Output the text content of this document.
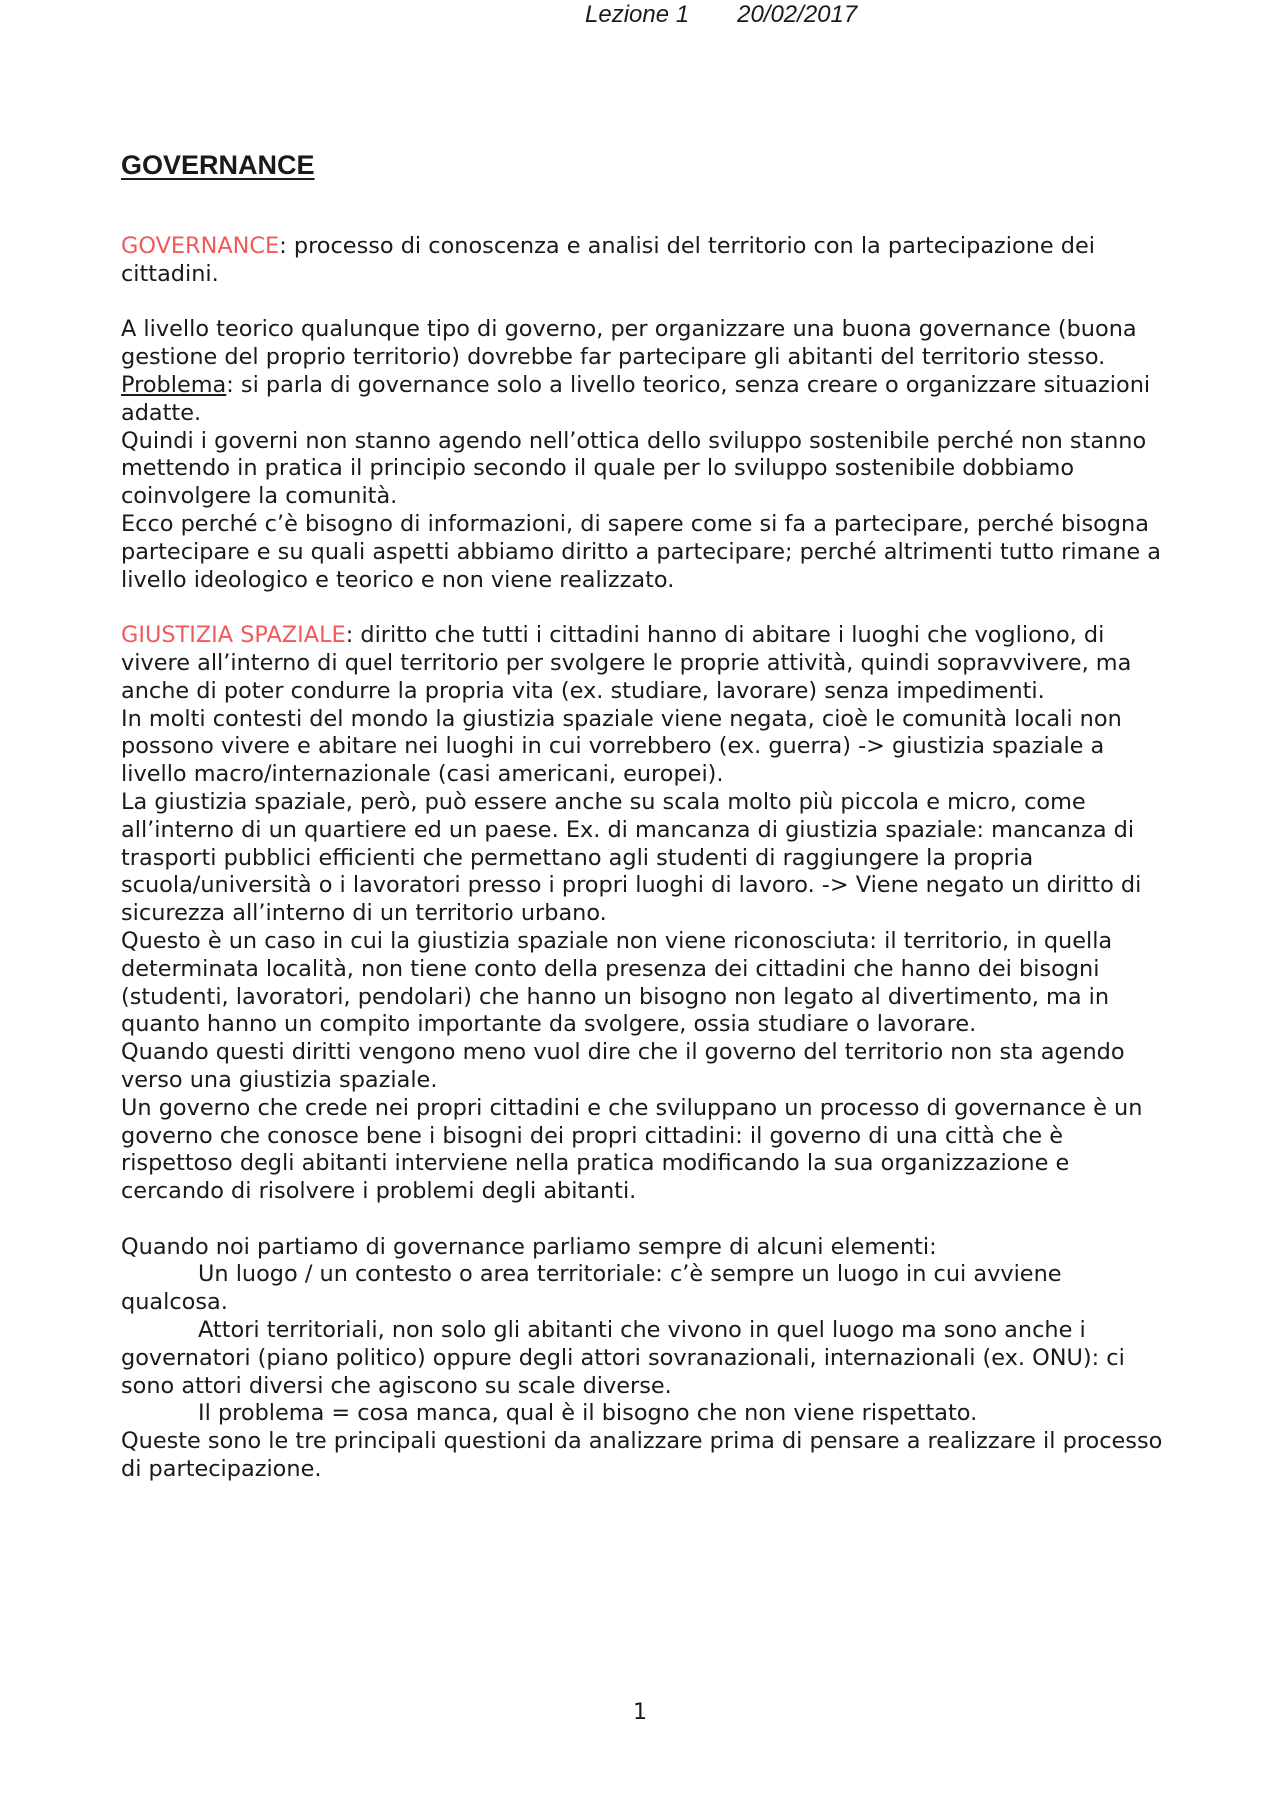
Lezione 1 20/02/2017
GOVERNANCE

GOVERNANCE: processo di conoscenza e analisi del territorio con la partecipazione dei cittadini.

A livello teorico qualunque tipo di governo, per organizzare una buona governance (buona gestione del proprio territorio) dovrebbe far partecipare gli abitanti del territorio stesso.

Problema: si parla di governance solo a livello teorico, senza creare o organizzare situazioni adatte.

Quindi i governi non stanno agendo nell’ottica dello sviluppo sostenibile perché non stanno mettendo in pratica il principio secondo il quale per lo sviluppo sostenibile dobbiamo coinvolgere la comunità.

Ecco perché c’è bisogno di informazioni, di sapere come si fa a partecipare, perché bisogna partecipare e su quali aspetti abbiamo diritto a partecipare; perché altrimenti tutto rimane a livello ideologico e teorico e non viene realizzato.

GIUSTIZIA SPAZIALE: diritto che tutti i cittadini hanno di abitare i luoghi che vogliono, di vivere all’interno di quel territorio per svolgere le proprie attività, quindi sopravvivere, ma anche di poter condurre la propria vita (ex. studiare, lavorare) senza impedimenti.

In molti contesti del mondo la giustizia spaziale viene negata, cioè le comunità locali non possono vivere e abitare nei luoghi in cui vorrebbero (ex. guerra) -> giustizia spaziale a livello macro/internazionale (casi americani, europei).

La giustizia spaziale, però, può essere anche su scala molto più piccola e micro, come all’interno di un quartiere ed un paese. Ex. di mancanza di giustizia spaziale: mancanza di trasporti pubblici efficienti che permettano agli studenti di raggiungere la propria scuola/università o i lavoratori presso i propri luoghi di lavoro. -> Viene negato un diritto di sicurezza all’interno di un territorio urbano.

Questo è un caso in cui la giustizia spaziale non viene riconosciuta: il territorio, in quella determinata località, non tiene conto della presenza dei cittadini che hanno dei bisogni (studenti, lavoratori, pendolari) che hanno un bisogno non legato al divertimento, ma in quanto hanno un compito importante da svolgere, ossia studiare o lavorare.

Quando questi diritti vengono meno vuol dire che il governo del territorio non sta agendo verso una giustizia spaziale.

Un governo che crede nei propri cittadini e che sviluppano un processo di governance è un governo che conosce bene i bisogni dei propri cittadini: il governo di una città che è rispettoso degli abitanti interviene nella pratica modificando la sua organizzazione e cercando di risolvere i problemi degli abitanti.

Quando noi partiamo di governance parliamo sempre di alcuni elementi:

Un luogo / un contesto o area territoriale: c’è sempre un luogo in cui avviene qualcosa.

Attori territoriali, non solo gli abitanti che vivono in quel luogo ma sono anche i governatori (piano politico) oppure degli attori sovranazionali, internazionali (ex. ONU): ci sono attori diversi che agiscono su scale diverse.

Il problema = cosa manca, qual è il bisogno che non viene rispettato.

Queste sono le tre principali questioni da analizzare prima di pensare a realizzare il processo di partecipazione.

1
